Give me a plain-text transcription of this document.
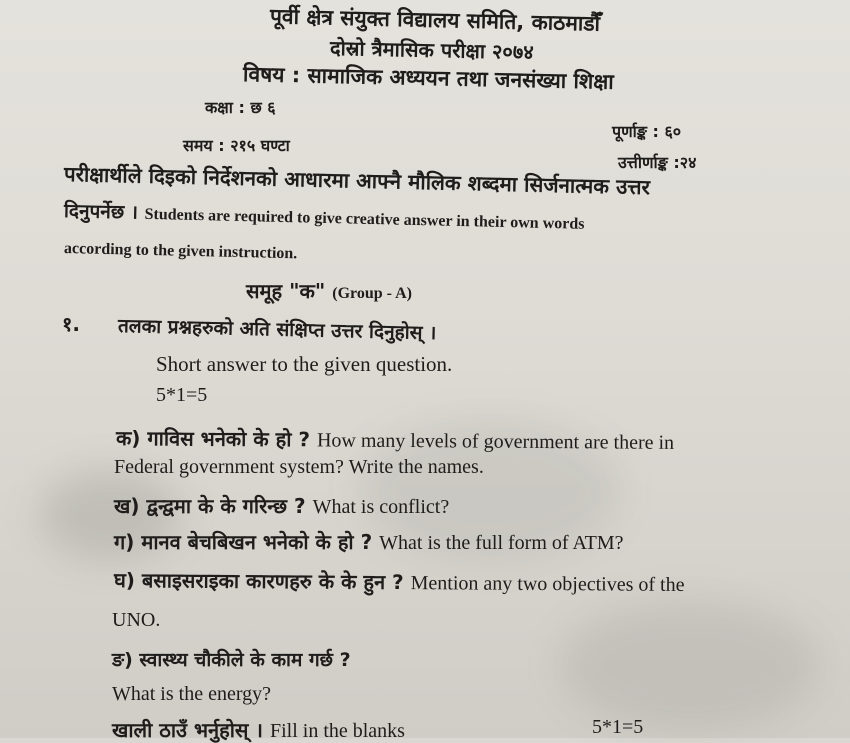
पूर्वी क्षेत्र संयुक्त विद्यालय समिति, काठमाडौँ
दोस्रो त्रैमासिक परीक्षा २०७४
विषय : सामाजिक अध्ययन तथा जनसंख्या शिक्षा
कक्षा : छ ६
समय : २१५ घण्टा
पूर्णाङ्क : ६०
उत्तीर्णाङ्क :२४
परीक्षार्थीले दिइको निर्देशनको आधारमा आफ्नै मौलिक शब्दमा सिर्जनात्मक उत्तर
दिनुपर्नेछ । Students are required to give creative answer in their own words
according to the given instruction.
समूह "क" (Group - A)
१. तलका प्रश्नहरुको अति संक्षिप्त उत्तर दिनुहोस् ।
Short answer to the given question.
5*1=5
क) गाविस भनेको के हो ? How many levels of government are there in
Federal government system? Write the names.
ख) द्वन्द्वमा के के गरिन्छ ? What is conflict?
ग) मानव बेचबिखन भनेको के हो ? What is the full form of ATM?
घ) बसाइसराइका कारणहरु के के हुन ? Mention any two objectives of the
UNO.
ङ) स्वास्थ्य चौकीले के काम गर्छ ?
What is the energy?
खाली ठाउँ भर्नुहोस् । Fill in the blanks	5*1=5
